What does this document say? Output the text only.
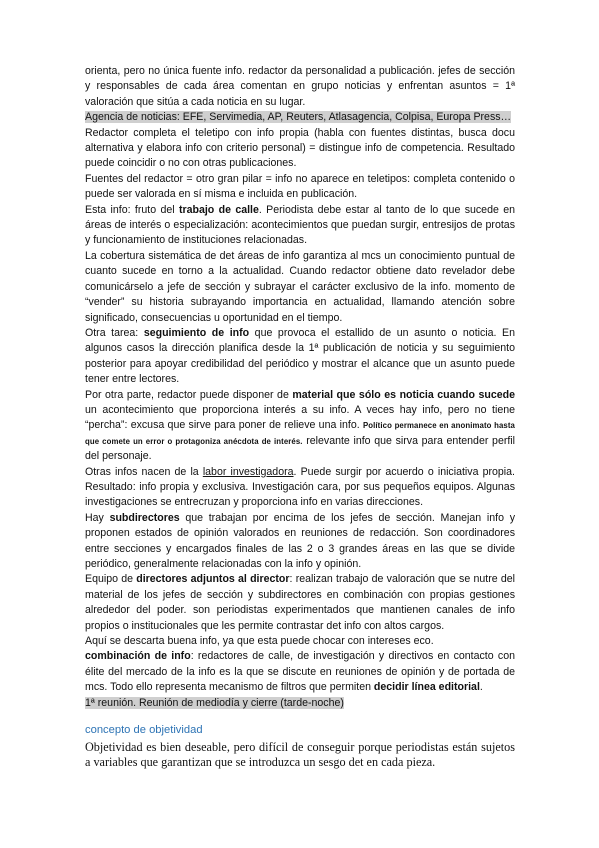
orienta, pero no única fuente info. redactor da personalidad a publicación. jefes de sección y responsables de cada área comentan en grupo noticias y enfrentan asuntos = 1ª valoración que sitúa a cada noticia en su lugar.

Agencia de noticias: EFE, Servimedia, AP, Reuters, Atlasagencia, Colpisa, Europa Press…

Redactor completa el teletipo con info propia (habla con fuentes distintas, busca docu alternativa y elabora info con criterio personal) = distingue info de competencia. Resultado puede coincidir o no con otras publicaciones.

Fuentes del redactor = otro gran pilar = info no aparece en teletipos: completa contenido o puede ser valorada en sí misma e incluida en publicación.

Esta info: fruto del trabajo de calle. Periodista debe estar al tanto de lo que sucede en áreas de interés o especialización: acontecimientos que puedan surgir, entresijos de protas y funcionamiento de instituciones relacionadas.

La cobertura sistemática de det áreas de info garantiza al mcs un conocimiento puntual de cuanto sucede en torno a la actualidad. Cuando redactor obtiene dato revelador debe comunicárselo a jefe de sección y subrayar el carácter exclusivo de la info. momento de “vender” su historia subrayando importancia en actualidad, llamando atención sobre significado, consecuencias u oportunidad en el tiempo.

Otra tarea: seguimiento de info que provoca el estallido de un asunto o noticia. En algunos casos la dirección planifica desde la 1ª publicación de noticia y su seguimiento posterior para apoyar credibilidad del periódico y mostrar el alcance que un asunto puede tener entre lectores.

Por otra parte, redactor puede disponer de material que sólo es noticia cuando sucede un acontecimiento que proporciona interés a su info. A veces hay info, pero no tiene “percha”: excusa que sirve para poner de relieve una info. Político permanece en anonimato hasta que comete un error o protagoniza anécdota de interés. relevante info que sirva para entender perfil del personaje.

Otras infos nacen de la labor investigadora. Puede surgir por acuerdo o iniciativa propia. Resultado: info propia y exclusiva. Investigación cara, por sus pequeños equipos. Algunas investigaciones se entrecruzan y proporciona info en varias direcciones.

Hay subdirectores que trabajan por encima de los jefes de sección. Manejan info y proponen estados de opinión valorados en reuniones de redacción. Son coordinadores entre secciones y encargados finales de las 2 o 3 grandes áreas en las que se divide periódico, generalmente relacionadas con la info y opinión.

Equipo de directores adjuntos al director: realizan trabajo de valoración que se nutre del material de los jefes de sección y subdirectores en combinación con propias gestiones alrededor del poder. son periodistas experimentados que mantienen canales de info propios o institucionales que les permite contrastar det info con altos cargos.

Aquí se descarta buena info, ya que esta puede chocar con intereses eco.

combinación de info: redactores de calle, de investigación y directivos en contacto con élite del mercado de la info es la que se discute en reuniones de opinión y de portada de mcs. Todo ello representa mecanismo de filtros que permiten decidir línea editorial.

1ª reunión. Reunión de mediodía y cierre (tarde-noche)

concepto de objetividad

Objetividad es bien deseable, pero difícil de conseguir porque periodistas están sujetos a variables que garantizan que se introduzca un sesgo det en cada pieza.
